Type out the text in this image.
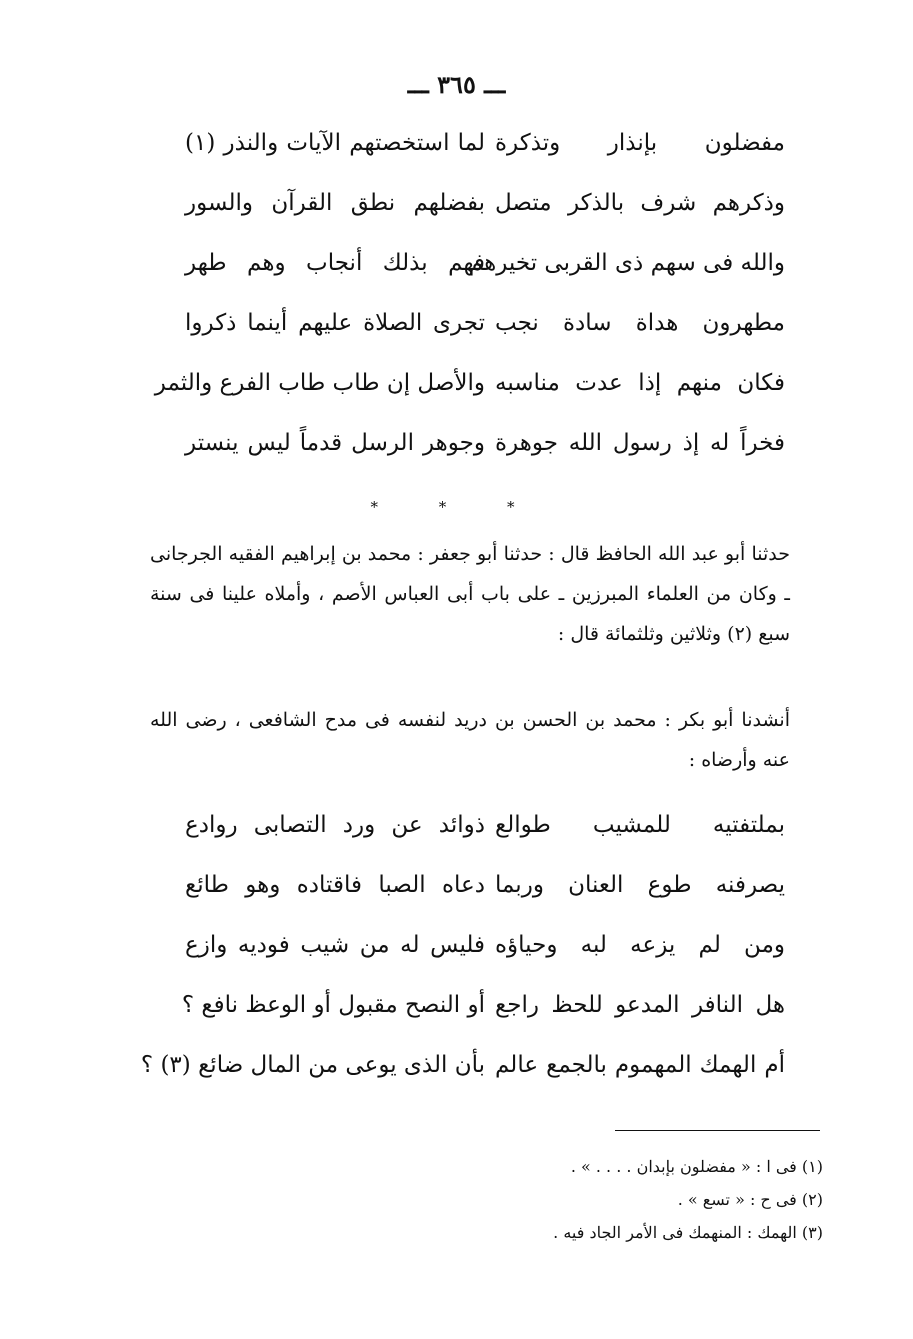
ـــ ٣٦٥ ـــ
مفضلون بإنذار وتذكرة
لما استخصتهم الآيات والنذر (١)
وذكرهم شرف بالذكر متصل
بفضلهم نطق القرآن والسور
والله فى سهم ذى القربى تخيرهم
فهم بذلك أنجاب وهم طهر
مطهرون هداة سادة نجب
تجرى الصلاة عليهم أينما ذكروا
فكان منهم إذا عدت مناسبه
والأصل إن طاب طاب الفرع والثمر
فخراً له إذ رسول الله جوهرة
وجوهر الرسل قدماً ليس ينستر
* * *

حدثنا أبو عبد الله الحافظ قال : حدثنا أبو جعفر : محمد بن إبراهيم الفقيه الجرجانى ـ وكان من العلماء المبرزين ـ على باب أبى العباس الأصم ، وأملاه علينا فى سنة سبع (٢) وثلاثين وثلثمائة قال :

أنشدنا أبو بكر : محمد بن الحسن بن دريد لنفسه فى مدح الشافعى ، رضى الله عنه وأرضاه :

بملتفتيه للمشيب طوالع
ذوائد عن ورد التصابى روادع
يصرفنه طوع العنان وربما
دعاه الصبا فاقتاده وهو طائع
ومن لم يزعه لبه وحياؤه
فليس له من شيب فوديه وازع
هل النافر المدعو للحظ راجع
أو النصح مقبول أو الوعظ نافع ؟
أم الهمك المهموم بالجمع عالم
بأن الذى يوعى من المال ضائع (٣) ؟
(١) فى ا : « مفضلون بإبدان . . . . » .
(٢) فى ح : « تسع » .
(٣) الهمك : المنهمك فى الأمر الجاد فيه .
